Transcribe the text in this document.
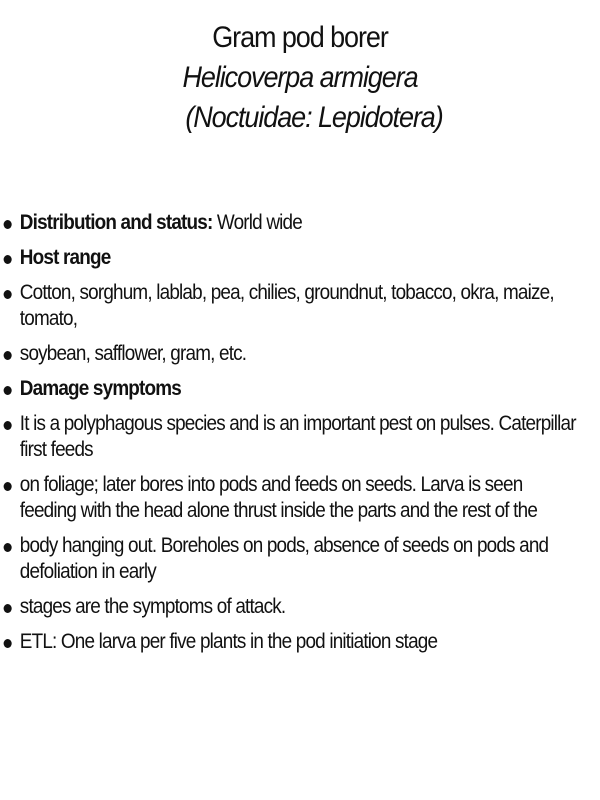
Gram pod borer
Helicoverpa armigera
(Noctuidae: Lepidotera)
Distribution and status: World wide
Host range
Cotton, sorghum, lablab, pea, chilies, groundnut, tobacco, okra, maize, tomato,
soybean, safflower, gram, etc.
Damage symptoms
It is a polyphagous species and is an important pest on pulses. Caterpillar first feeds
on foliage; later bores into pods and feeds on seeds. Larva is seen feeding with the head alone thrust inside the parts and the rest of the
body hanging out. Boreholes on pods, absence of seeds on pods and defoliation in early
stages are the symptoms of attack.
ETL: One larva per five plants in the pod initiation stage
